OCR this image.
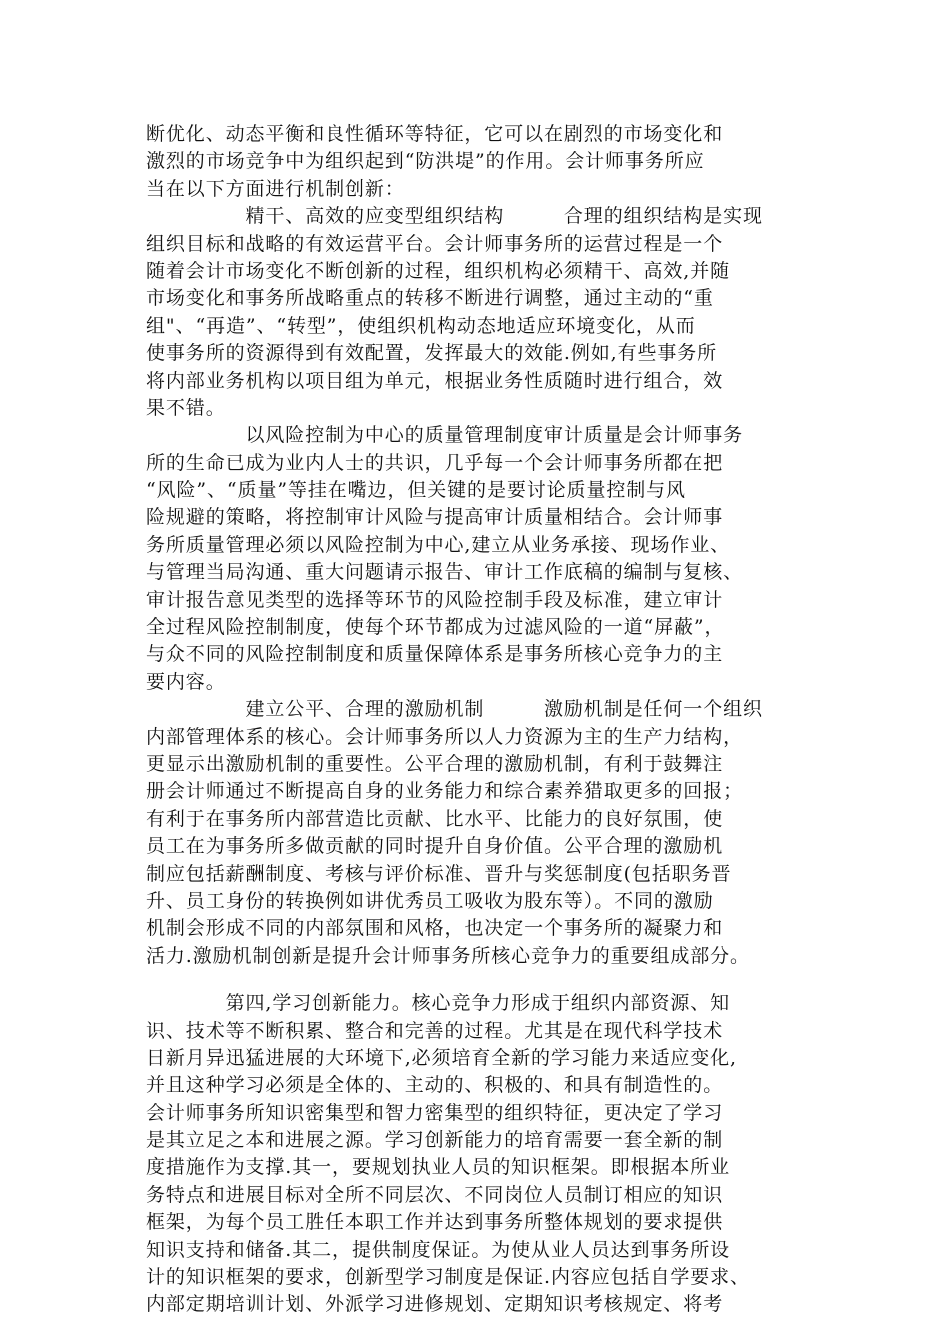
断优化、动态平衡和良性循环等特征，它可以在剧烈的市场变化和
激烈的市场竞争中为组织起到“防洪堤”的作用。会计师事务所应
当在以下方面进行机制创新：
　　　　　精干、高效的应变型组织结构　　　合理的组织结构是实现
组织目标和战略的有效运营平台。会计师事务所的运营过程是一个
随着会计市场变化不断创新的过程，组织机构必须精干、高效,并随
市场变化和事务所战略重点的转移不断进行调整，通过主动的“重
组"、“再造”、“转型”，使组织机构动态地适应环境变化，从而
使事务所的资源得到有效配置，发挥最大的效能.例如,有些事务所
将内部业务机构以项目组为单元，根据业务性质随时进行组合，效
果不错。
　　　　　以风险控制为中心的质量管理制度审计质量是会计师事务
所的生命已成为业内人士的共识，几乎每一个会计师事务所都在把
“风险”、“质量”等挂在嘴边，但关键的是要讨论质量控制与风
险规避的策略，将控制审计风险与提高审计质量相结合。会计师事
务所质量管理必须以风险控制为中心,建立从业务承接、现场作业、
与管理当局沟通、重大问题请示报告、审计工作底稿的编制与复核、
审计报告意见类型的选择等环节的风险控制手段及标准，建立审计
全过程风险控制制度，使每个环节都成为过滤风险的一道“屏蔽”，
与众不同的风险控制制度和质量保障体系是事务所核心竞争力的主
要内容。
　　　　　建立公平、合理的激励机制　　　激励机制是任何一个组织
内部管理体系的核心。会计师事务所以人力资源为主的生产力结构，
更显示出激励机制的重要性。公平合理的激励机制，有利于鼓舞注
册会计师通过不断提高自身的业务能力和综合素养猎取更多的回报；
有利于在事务所内部营造比贡献、比水平、比能力的良好氛围，使
员工在为事务所多做贡献的同时提升自身价值。公平合理的激励机
制应包括薪酬制度、考核与评价标准、晋升与奖惩制度(包括职务晋
升、员工身份的转换例如讲优秀员工吸收为股东等）。不同的激励
机制会形成不同的内部氛围和风格，也决定一个事务所的凝聚力和
活力.激励机制创新是提升会计师事务所核心竞争力的重要组成部分。
　　　　第四,学习创新能力。核心竞争力形成于组织内部资源、知
识、技术等不断积累、整合和完善的过程。尤其是在现代科学技术
日新月异迅猛进展的大环境下,必须培育全新的学习能力来适应变化,
并且这种学习必须是全体的、主动的、积极的、和具有制造性的。
会计师事务所知识密集型和智力密集型的组织特征，更决定了学习
是其立足之本和进展之源。学习创新能力的培育需要一套全新的制
度措施作为支撑.其一，要规划执业人员的知识框架。即根据本所业
务特点和进展目标对全所不同层次、不同岗位人员制订相应的知识
框架，为每个员工胜任本职工作并达到事务所整体规划的要求提供
知识支持和储备.其二，提供制度保证。为使从业人员达到事务所设
计的知识框架的要求，创新型学习制度是保证.内容应包括自学要求、
内部定期培训计划、外派学习进修规划、定期知识考核规定、将考
